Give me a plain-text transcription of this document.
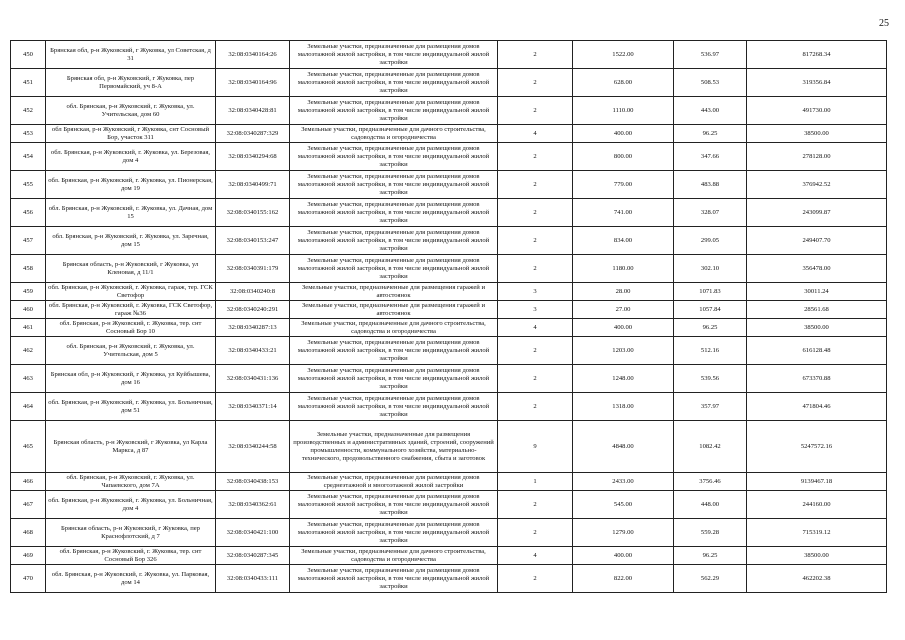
25
450	Брянская обл, р-н Жуковский, г Жуковка, ул Советская, д 31	32:08:0340164:26	Земельные участки, предназначенные для размещения домов малоэтажной жилой застройки, в том числе индивидуальной жилой застройки	2	1522.00	536.97	817268.34
451	Брянская обл, р-н Жуковский, г Жуковка, пер Первомайский, уч 8-А	32:08:0340164:96	Земельные участки, предназначенные для размещения домов малоэтажной жилой застройки, в том числе индивидуальной жилой застройки	2	628.00	508.53	319356.84
452	обл. Брянская, р-н Жуковский, г. Жуковка, ул. Учительская, дом 60	32:08:0340428:81	Земельные участки, предназначенные для размещения домов малоэтажной жилой застройки, в том числе индивидуальной жилой застройки	2	1110.00	443.00	491730.00
453	обл Брянская, р-н Жуковский, г Жуковка, снт Сосновый Бор, участок 311	32:08:0340287:329	Земельные участки, предназначенные для дачного строительства, садоводства и огородничества	4	400.00	96.25	38500.00
454	обл. Брянская, р-н Жуковский, г. Жуковка, ул. Березовая, дом 4	32:08:0340294:68	Земельные участки, предназначенные для размещения домов малоэтажной жилой застройки, в том числе индивидуальной жилой застройки	2	800.00	347.66	278128.00
455	обл. Брянская, р-н Жуковский, г. Жуковка, ул. Пионерская, дом 19	32:08:0340499:71	Земельные участки, предназначенные для размещения домов малоэтажной жилой застройки, в том числе индивидуальной жилой застройки	2	779.00	483.88	376942.52
456	обл. Брянская, р-н Жуковский, г. Жуковка, ул. Дачная, дом 15	32:08:0340155:162	Земельные участки, предназначенные для размещения домов малоэтажной жилой застройки, в том числе индивидуальной жилой застройки	2	741.00	328.07	243099.87
457	обл. Брянская, р-н Жуковский, г. Жуковка, ул. Заречная, дом 15	32:08:0340153:247	Земельные участки, предназначенные для размещения домов малоэтажной жилой застройки, в том числе индивидуальной жилой застройки	2	834.00	299.05	249407.70
458	Брянская область, р-н Жуковский, г Жуковка, ул Кленовая, д 11/1	32:08:0340391:179	Земельные участки, предназначенные для размещения домов малоэтажной жилой застройки, в том числе индивидуальной жилой застройки	2	1180.00	302.10	356478.00
459	обл. Брянская, р-н Жуковский, г. Жуковка, гараж, тер. ГСК Светофор	32:08:0340240:8	Земельные участки, предназначенные для размещения гаражей и автостоянок	3	28.00	1071.83	30011.24
460	обл. Брянская, р-н Жуковский, г. Жуковка, ГСК Светофор, гараж №36	32:08:0340240:291	Земельные участки, предназначенные для размещения гаражей и автостоянок	3	27.00	1057.84	28561.68
461	обл. Брянская, р-н Жуковский, г. Жуковка, тер. снт Сосновый Бор 10	32:08:0340287:13	Земельные участки, предназначенные для дачного строительства, садоводства и огородничества	4	400.00	96.25	38500.00
462	обл. Брянская, р-н Жуковский, г. Жуковка, ул. Учительская, дом 5	32:08:0340433:21	Земельные участки, предназначенные для размещения домов малоэтажной жилой застройки, в том числе индивидуальной жилой застройки	2	1203.00	512.16	616128.48
463	Брянская обл, р-н Жуковский, г Жуковка, ул Куйбышева, дом 16	32:08:0340431:136	Земельные участки, предназначенные для размещения домов малоэтажной жилой застройки, в том числе индивидуальной жилой застройки	2	1248.00	539.56	673370.88
464	обл. Брянская, р-н Жуковский, г. Жуковка, ул. Больничная, дом 51	32:08:0340371:14	Земельные участки, предназначенные для размещения домов малоэтажной жилой застройки, в том числе индивидуальной жилой застройки	2	1318.00	357.97	471804.46
465	Брянская область, р-н Жуковский, г Жуковка, ул Карла Маркса, д 87	32:08:0340244:58	Земельные участки, предназначенные для размещения производственных и административных зданий, строений, сооружений промышленности, коммунального хозяйства, материально-технического, продовольственного снабжения, сбыта и заготовок	9	4848.00	1082.42	5247572.16
466	обл. Брянская, р-н Жуковский, г. Жуковка, ул. Чапаевского, дом 7А	32:08:0340438:153	Земельные участки, предназначенные для размещения домов среднеэтажной и многоэтажной жилой застройки	1	2433.00	3756.46	9139467.18
467	обл. Брянская, р-н Жуковский, г. Жуковка, ул. Больничная, дом 4	32:08:0340362:61	Земельные участки, предназначенные для размещения домов малоэтажной жилой застройки, в том числе индивидуальной жилой застройки	2	545.00	448.00	244160.00
468	Брянская область, р-н Жуковский, г Жуковка, пер Краснофлотский, д 7	32:08:0340421:100	Земельные участки, предназначенные для размещения домов малоэтажной жилой застройки, в том числе индивидуальной жилой застройки	2	1279.00	559.28	715319.12
469	обл. Брянская, р-н Жуковский, г. Жуковка, тер. снт Сосновый Бор 326	32:08:0340287:345	Земельные участки, предназначенные для дачного строительства, садоводства и огородничества	4	400.00	96.25	38500.00
470	обл. Брянская, р-н Жуковский, г. Жуковка, ул. Парковая, дом 14	32:08:0340433:111	Земельные участки, предназначенные для размещения домов малоэтажной жилой застройки, в том числе индивидуальной жилой застройки	2	822.00	562.29	462202.38
